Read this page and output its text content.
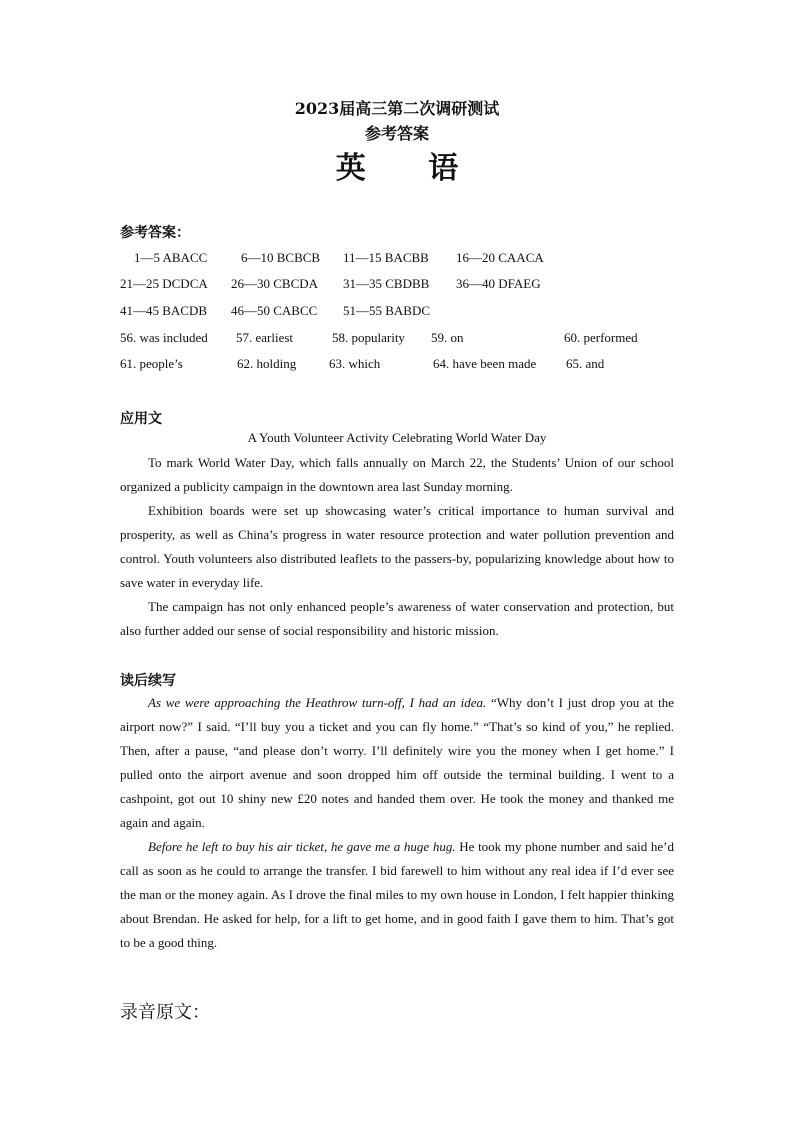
2023届高三第二次调研测试
参考答案
英 语
参考答案：
1—5 ABACC	6—10 BCBCB 11—15 BACBB 16—20 CAACA
21—25 DCDCA 26—30 CBCDA 31—35 CBDBB 36—40 DFAEG
41—45 BACDB 46—50 CABCC 51—55 BABDC
56. was included 57. earliest	58. popularity 59. on	60. performed
61. people’s	62. holding	63. which	64. have been made 65. and
应用文
A Youth Volunteer Activity Celebrating World Water Day

To mark World Water Day, which falls annually on March 22, the Students’ Union of our school organized a publicity campaign in the downtown area last Sunday morning.

Exhibition boards were set up showcasing water’s critical importance to human survival and prosperity, as well as China’s progress in water resource protection and water pollution prevention and control. Youth volunteers also distributed leaflets to the passers-by, popularizing knowledge about how to save water in everyday life.

The campaign has not only enhanced people’s awareness of water conservation and protection, but also further added our sense of social responsibility and historic mission.

读后续写

As we were approaching the Heathrow turn-off, I had an idea. “Why don’t I just drop you at the airport now?” I said. “I’ll buy you a ticket and you can fly home.” “That’s so kind of you,” he replied. Then, after a pause, “and please don’t worry. I’ll definitely wire you the money when I get home.” I pulled onto the airport avenue and soon dropped him off outside the terminal building. I went to a cashpoint, got out 10 shiny new £20 notes and handed them over. He took the money and thanked me again and again.

Before he left to buy his air ticket, he gave me a huge hug. He took my phone number and said he’d call as soon as he could to arrange the transfer. I bid farewell to him without any real idea if I’d ever see the man or the money again. As I drove the final miles to my own house in London, I felt happier thinking about Brendan. He asked for help, for a lift to get home, and in good faith I gave them to him. That’s got to be a good thing.

录音原文：
